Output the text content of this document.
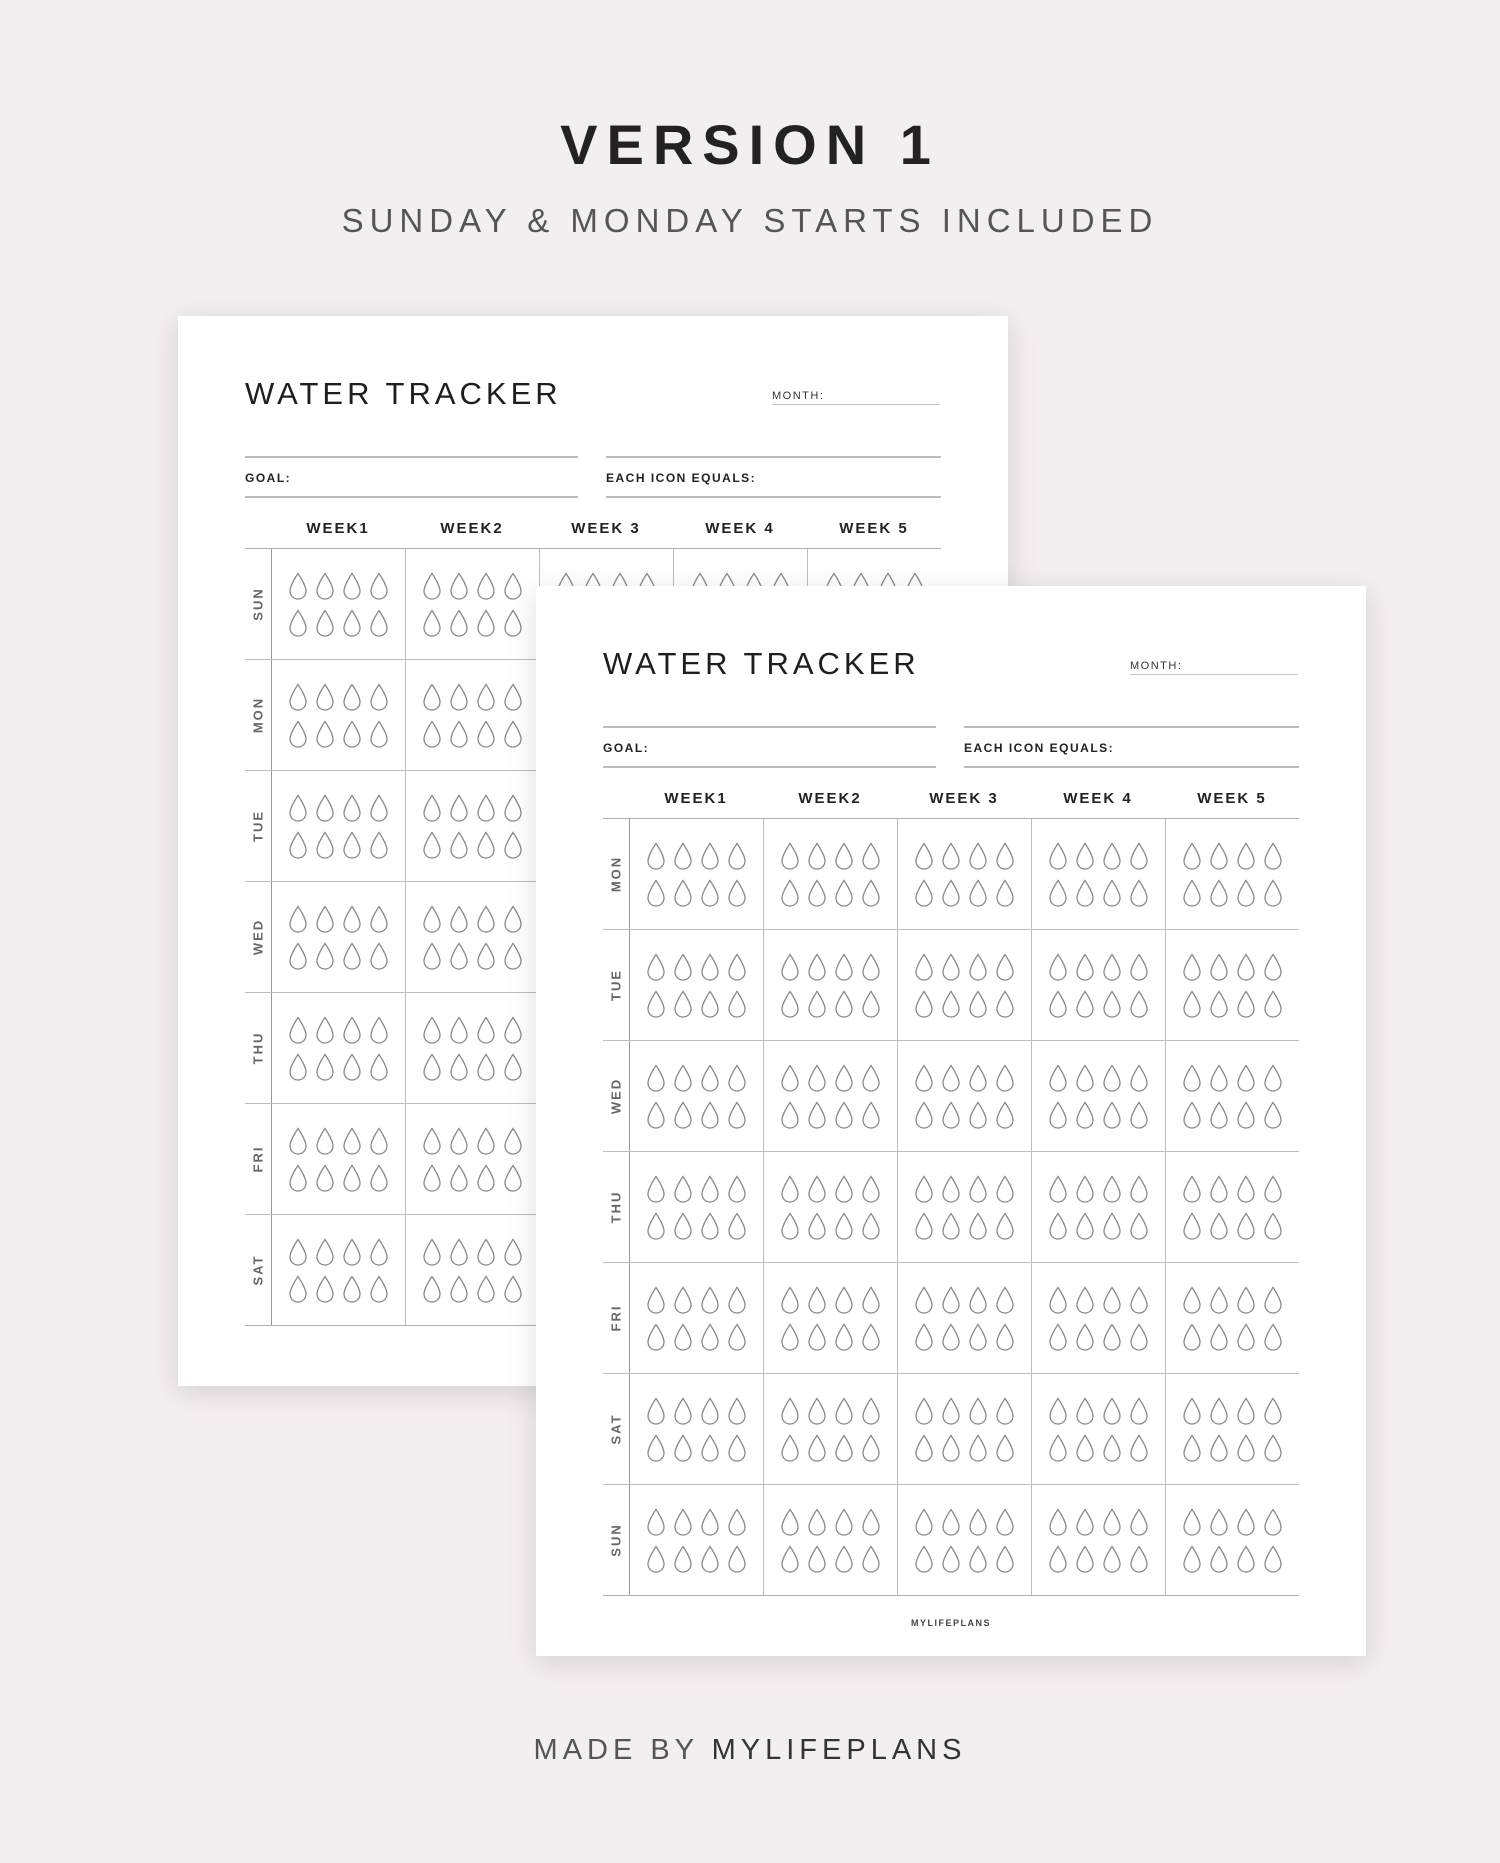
VERSION 1
SUNDAY & MONDAY STARTS INCLUDED
WATER TRACKER	MONTH:
GOAL:	EACH ICON EQUALS:
WEEK1	WEEK2	WEEK 3	WEEK 4	WEEK 5
SUN
MON
TUE
WED
THU
FRI
SAT
WATER TRACKER	MONTH:
GOAL:	EACH ICON EQUALS:
WEEK1	WEEK2	WEEK 3	WEEK 4	WEEK 5
MON
TUE
WED
THU
FRI
SAT
SUN
MYLIFEPLANS
MADE BY MYLIFEPLANS
